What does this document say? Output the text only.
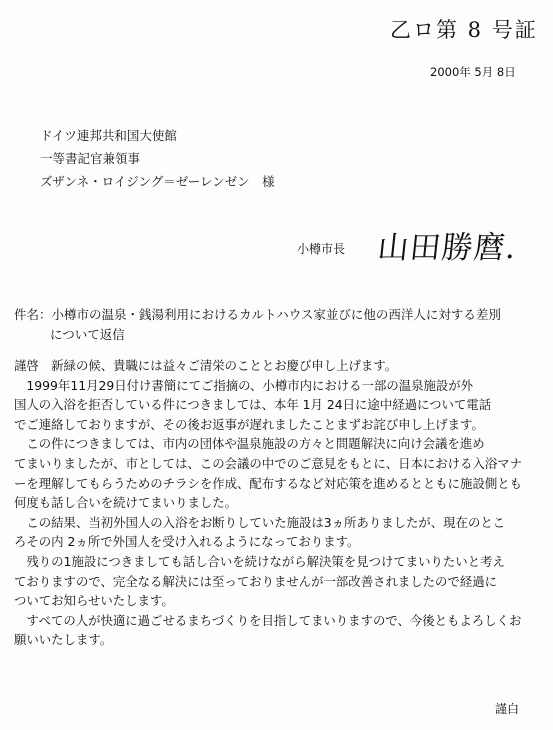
乙ロ第 8 号証
2000年 5月 8日
ドイツ連邦共和国大使館
一等書記官兼領事
ズザンネ・ロイジング＝ゼーレンゼン　様
小樽市長 山田勝麿.
件名：小樽市の温泉・銭湯利用におけるカルトハウス家並びに他の西洋人に対する差別
について返信
謹啓　新緑の候、貴職には益々ご清栄のこととお慶び申し上げます。
　1999年11月29日付け書簡にてご指摘の、小樽市内における一部の温泉施設が外
国人の入浴を拒否している件につきましては、本年 1月 24日に途中経過について電話
でご連絡しておりますが、その後お返事が遅れましたことまずお詫び申し上げます。
　この件につきましては、市内の団体や温泉施設の方々と問題解決に向け会議を進め
てまいりましたが、市としては、この会議の中でのご意見をもとに、日本における入浴マナ
ーを理解してもらうためのチラシを作成、配布するなど対応策を進めるとともに施設側とも
何度も話し合いを続けてまいりました。
　この結果、当初外国人の入浴をお断りしていた施設は3ヵ所ありましたが、現在のとこ
ろその内 2ヵ所で外国人を受け入れるようになっております。
　残りの1施設につきましても話し合いを続けながら解決策を見つけてまいりたいと考え
ておりますので、完全なる解決には至っておりませんが一部改善されましたので経過に
ついてお知らせいたします。
　すべての人が快適に過ごせるまちづくりを目指してまいりますので、今後ともよろしくお
願いいたします。
謹白
